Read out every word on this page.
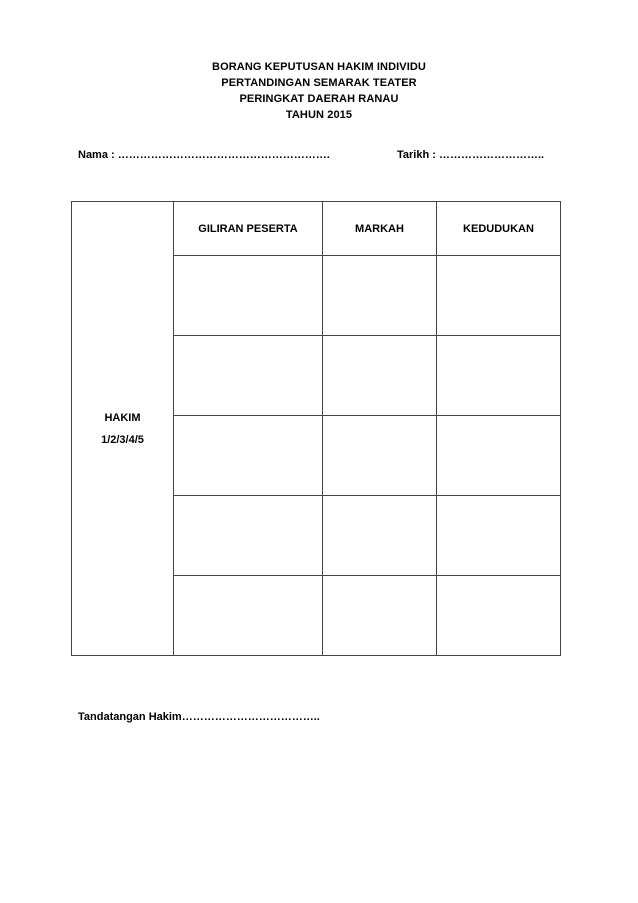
BORANG KEPUTUSAN HAKIM INDIVIDU
PERTANDINGAN SEMARAK TEATER
PERINGKAT DAERAH RANAU
TAHUN 2015
Nama : ………………………………………………….	Tarikh : ………………………..
HAKIM
1/2/3/4/5	GILIRAN PESERTA	MARKAH	KEDUDUKAN

Tandatangan Hakim………………………………..
